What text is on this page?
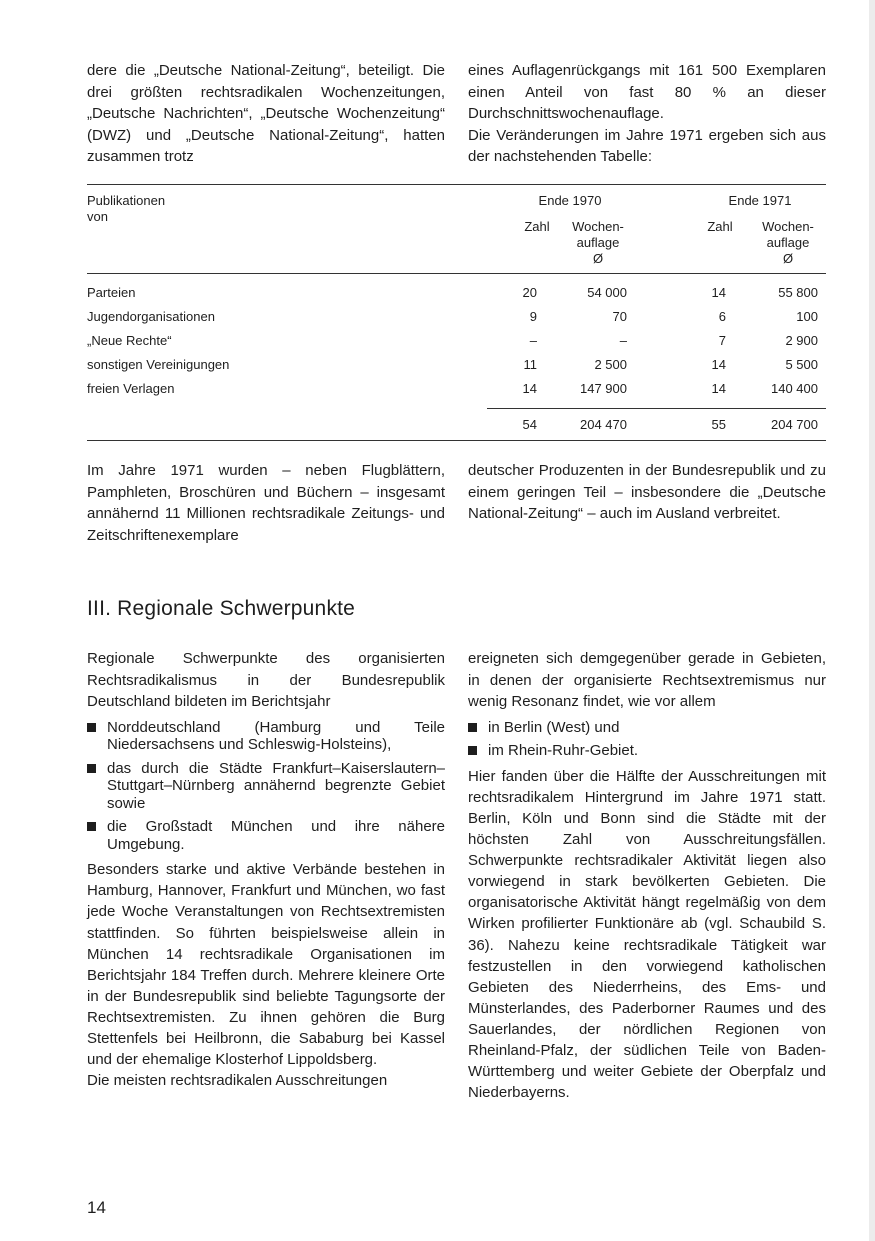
dere die „Deutsche National-Zeitung“, beteiligt. Die drei größten rechtsradikalen Wochenzeitungen, „Deutsche Nachrichten“, „Deutsche Wochenzeitung“ (DWZ) und „Deutsche National-Zeitung“, hatten zusammen trotz

eines Auflagenrückgangs mit 161 500 Exemplaren einen Anteil von fast 80 % an dieser Durchschnittswochenauflage.

Die Veränderungen im Jahre 1971 ergeben sich aus der nachstehenden Tabelle:

Publikationen
von
Ende 1970	Ende 1971
Zahl	Wochen-
auflage
Ø
Zahl	Wochen-
auflage
Ø
Parteien	20	54 000	14	55 800
Jugendorganisationen	9	70	6	100
„Neue Rechte“	–	–	7	2 900
sonstigen Vereinigungen	11	2 500	14	5 500
freien Verlagen	14	147 900	14	140 400
54	204 470	55	204 700

Im Jahre 1971 wurden – neben Flugblättern, Pamphleten, Broschüren und Büchern – insgesamt annähernd 11 Millionen rechtsradikale Zeitungs- und Zeitschriftenexemplare

deutscher Produzenten in der Bundesrepublik und zu einem geringen Teil – insbesondere die „Deutsche National-Zeitung“ – auch im Ausland verbreitet.

III. Regionale Schwerpunkte

Regionale Schwerpunkte des organisierten Rechtsradikalismus in der Bundesrepublik Deutschland bildeten im Berichtsjahr

Norddeutschland (Hamburg und Teile Niedersachsens und Schleswig-Holsteins),
das durch die Städte Frankfurt–Kaiserslautern–Stuttgart–Nürnberg annähernd begrenzte Gebiet sowie
die Großstadt München und ihre nähere Umgebung.

Besonders starke und aktive Verbände bestehen in Hamburg, Hannover, Frankfurt und München, wo fast jede Woche Veranstaltungen von Rechtsextremisten stattfinden. So führten beispielsweise allein in München 14 rechtsradikale Organisationen im Berichtsjahr 184 Treffen durch. Mehrere kleinere Orte in der Bundesrepublik sind beliebte Tagungsorte der Rechtsextremisten. Zu ihnen gehören die Burg Stettenfels bei Heilbronn, die Sababurg bei Kassel und der ehemalige Klosterhof Lippoldsberg.

Die meisten rechtsradikalen Ausschreitungen

ereigneten sich demgegenüber gerade in Gebieten, in denen der organisierte Rechtsextremismus nur wenig Resonanz findet, wie vor allem

in Berlin (West) und
im Rhein-Ruhr-Gebiet.

Hier fanden über die Hälfte der Ausschreitungen mit rechtsradikalem Hintergrund im Jahre 1971 statt. Berlin, Köln und Bonn sind die Städte mit der höchsten Zahl von Ausschreitungsfällen. Schwerpunkte rechtsradikaler Aktivität liegen also vorwiegend in stark bevölkerten Gebieten. Die organisatorische Aktivität hängt regelmäßig von dem Wirken profilierter Funktionäre ab (vgl. Schaubild S. 36). Nahezu keine rechtsradikale Tätigkeit war festzustellen in den vorwiegend katholischen Gebieten des Niederrheins, des Ems- und Münsterlandes, des Paderborner Raumes und des Sauerlandes, der nördlichen Regionen von Rheinland-Pfalz, der südlichen Teile von Baden-Württemberg und weiter Gebiete der Oberpfalz und Niederbayerns.

14
